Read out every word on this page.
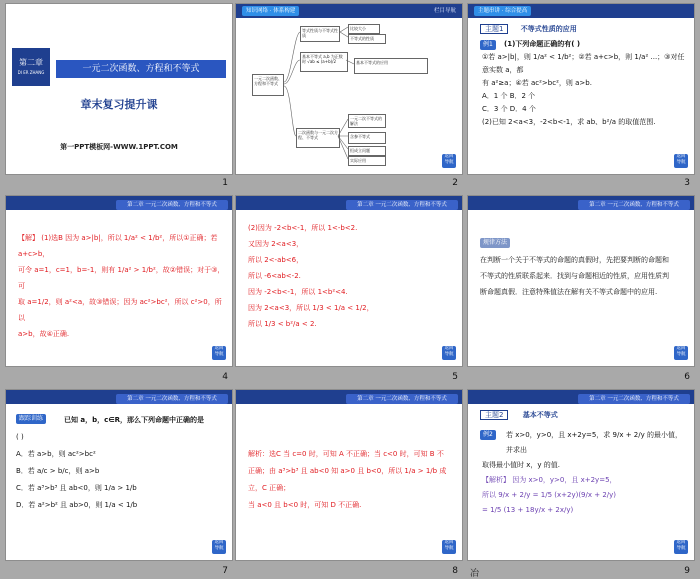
第二章
DI ER ZHANG	一元二次函数、方程和不等式
章末复习提升课
第一PPT模板网-WWW.1PPT.COM
1
知识网络 · 体系构建	栏目导航
一元二次函数、方程和不等式
等式性质与不等式性质
比较大小
不等式的性质
基本不等式 a,b 为正数时 √ab ≤ (a+b)/2	基本不等式的应用
二次函数与一元二次方程、不等式
一元二次不等式的解法
含参不等式
恒成立问题
实际应用
返回
导航
2
主题串讲 · 综合提高
主题1 不等式性质的应用
例1	(1)下列命题正确的有( )
①若 a>|b|，则 1/a² < 1/b²；②若 a+c>b，则 1/a² ...；③对任意实数 a，都
有 a²≥a；④若 ac²>bc²，则 a>b.
A．1 个 B．2 个
C．3 个 D．4 个
(2)已知 2<a<3，-2<b<-1，求 ab、b²/a 的取值范围.
返回
导航
3
第二章 一元二次函数、方程和不等式
【解】 (1)选B 因为 a>|b|，所以 1/a² < 1/b²，所以①正确；若 a+c>b，
可令 a=1，c=1，b=-1，则有 1/a² > 1/b²，故②错误；对于③，可
取 a=1/2，则 a²<a，故③错误；因为 ac²>bc²，所以 c²>0，所以
a>b，故④正确.
返回
导航
4
第二章 一元二次函数、方程和不等式
(2)因为 -2<b<-1，所以 1<-b<2.
又因为 2<a<3，
所以 2<-ab<6，
所以 -6<ab<-2.
因为 -2<b<-1，所以 1<b²<4.
因为 2<a<3，所以 1/3 < 1/a < 1/2，
所以 1/3 < b²/a < 2.
返回
导航
5
第二章 一元二次函数、方程和不等式
规律方法
在判断一个关于不等式的命题的真假时，先把要判断的命题和
不等式的性质联系起来．找到与命题相近的性质，应用性质判
断命题真假．注意特殊值法在解有关不等式命题中的应用.
返回
导航
6
第二章 一元二次函数、方程和不等式
跟踪训练	已知 a，b，c∈R，那么下列命题中正确的是
( )
A．若 a>b，则 ac²>bc²
B．若 a/c > b/c，则 a>b
C．若 a³>b³ 且 ab<0，则 1/a > 1/b
D．若 a²>b² 且 ab>0，则 1/a < 1/b
返回
导航
7
第二章 一元二次函数、方程和不等式
解析：选C 当 c=0 时，可知 A 不正确；当 c<0 时，可知 B 不
正确；由 a³>b³ 且 ab<0 知 a>0 且 b<0，所以 1/a > 1/b 成立，C 正确；
当 a<0 且 b<0 时，可知 D 不正确.
返回
导航
8
第二章 一元二次函数、方程和不等式
主题2	基本不等式
例2	若 x>0，y>0，且 x+2y=5，求 9/x + 2/y 的最小值，并求出
取得最小值时 x，y 的值.
【解析】 因为 x>0，y>0，且 x+2y=5，
所以 9/x + 2/y = 1/5 (x+2y)(9/x + 2/y)
= 1/5 (13 + 18y/x + 2x/y)
返回
导航
9
冶
